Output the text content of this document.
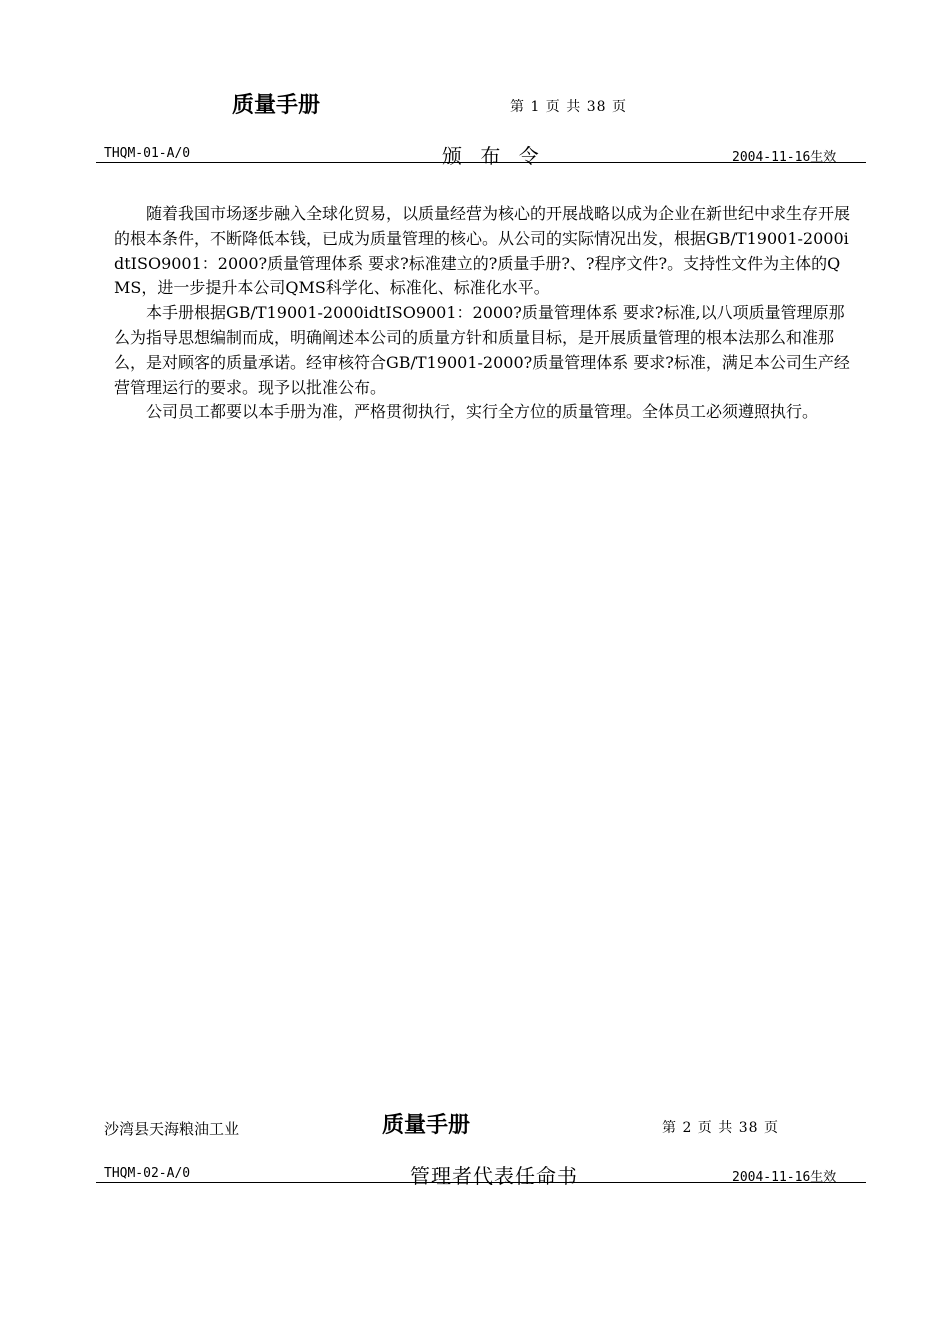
质量手册	第 1 页 共 38 页
THQM-01-A/0	颁 布 令	2004-11-16生效

　　随着我国市场逐步融入全球化贸易，以质量经营为核心的开展战略以成为企业在新世纪中求生存开展的根本条件，不断降低本钱，已成为质量管理的核心。从公司的实际情况出发，根据GB/T19001-2000idtISO9001：2000?质量管理体系 要求?标准建立的?质量手册?、?程序文件?。支持性文件为主体的QMS，进一步提升本公司QMS科学化、标准化、标准化水平。

　　本手册根据GB/T19001-2000idtISO9001：2000?质量管理体系 要求?标准,以八项质量管理原那么为指导思想编制而成，明确阐述本公司的质量方针和质量目标，是开展质量管理的根本法那么和准那么，是对顾客的质量承诺。经审核符合GB/T19001-2000?质量管理体系 要求?标准，满足本公司生产经营管理运行的要求。现予以批准公布。

　　公司员工都要以本手册为准，严格贯彻执行，实行全方位的质量管理。全体员工必须遵照执行。

沙湾县天海粮油工业	质量手册	第 2 页 共 38 页
THQM-02-A/0	管理者代表任命书	2004-11-16生效
